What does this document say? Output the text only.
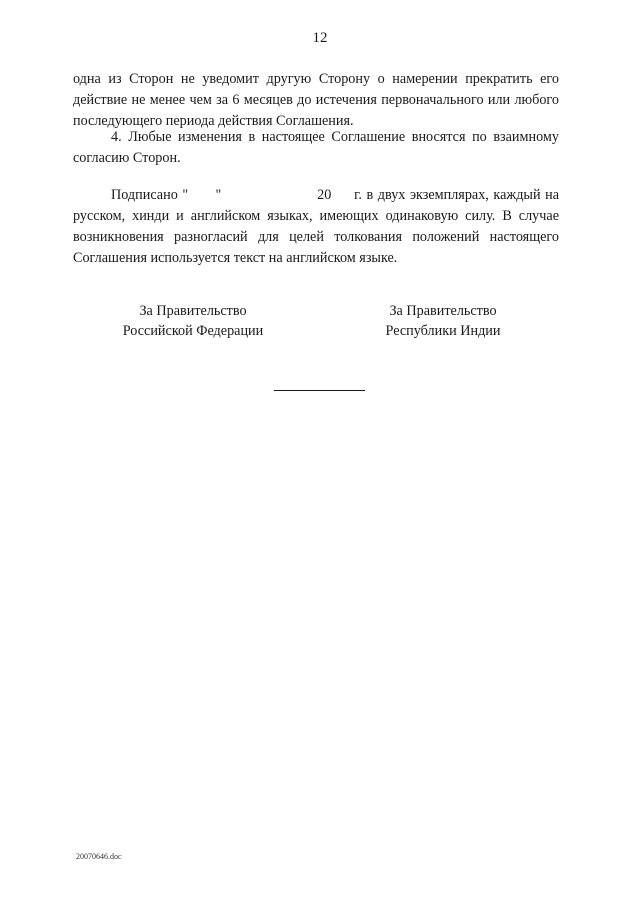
12
одна из Сторон не уведомит другую Сторону о намерении прекратить его действие не менее чем за 6 месяцев до истечения первоначального или любого последующего периода действия Соглашения.
4. Любые изменения в настоящее Соглашение вносятся по взаимному согласию Сторон.
Подписано "      "                     20     г. в двух экземплярах, каждый на русском, хинди и английском языках, имеющих одинаковую силу. В случае возникновения разногласий для целей толкования положений настоящего Соглашения используется текст на английском языке.
За Правительство
Российской Федерации
За Правительство
Республики Индии
20070646.doc
